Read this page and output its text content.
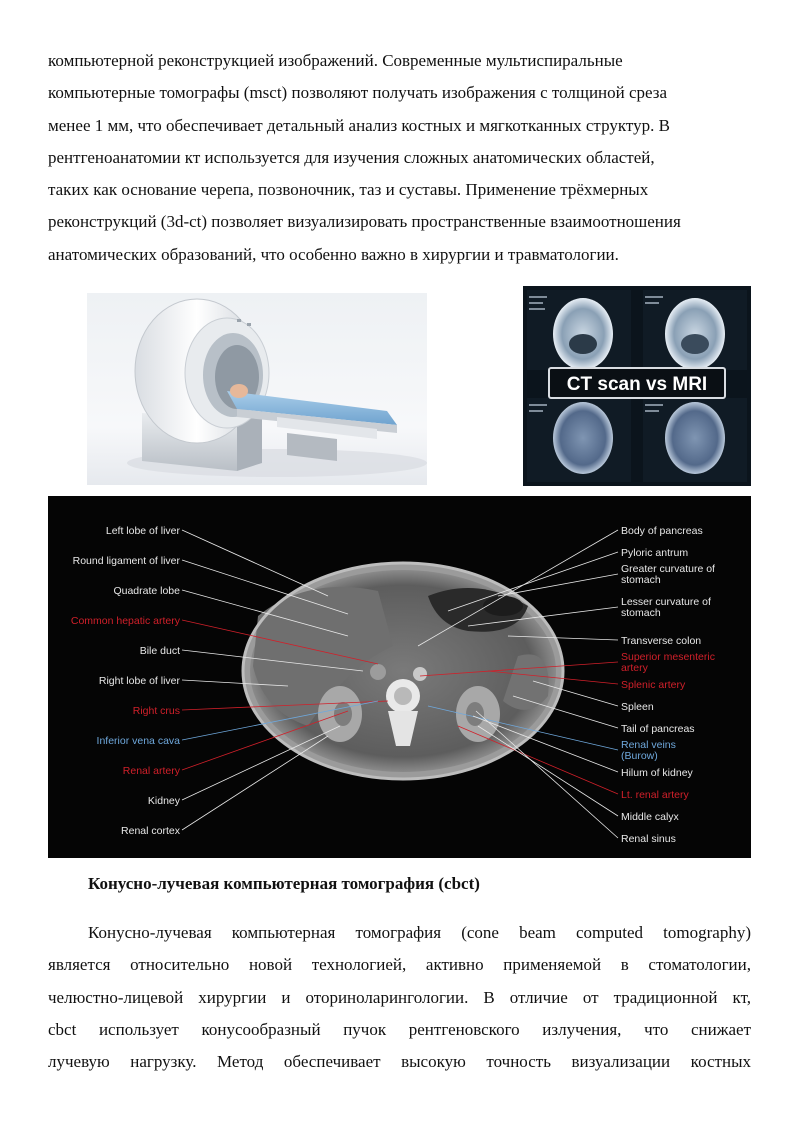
компьютерной реконструкцией изображений. Современные мультиспиральные
компьютерные томографы (msct) позволяют получать изображения с толщиной среза
менее 1 мм, что обеспечивает детальный анализ костных и мягкотканных структур. В
рентгеноанатомии кт используется для изучения сложных анатомических областей,
таких как основание черепа, позвоночник, таз и суставы. Применение трёхмерных
реконструкций (3d-ct) позволяет визуализировать пространственные взаимоотношения
анатомических образований, что особенно важно в хирургии и травматологии.
CT scan vs MRI
Left lobe of liver
Round ligament of liver
Quadrate lobe
Common hepatic artery
Bile duct
Right lobe of liver
Right crus
Inferior vena cava
Renal artery
Kidney
Renal cortex
Body of pancreas
Pyloric antrum
Greater curvature of stomach
Lesser curvature of stomach
Transverse colon
Superior mesenteric artery
Splenic artery
Spleen
Tail of pancreas
Renal veins (Burow)
Hilum of kidney
Lt. renal artery
Middle calyx
Renal sinus
Конусно-лучевая компьютерная томография (cbct)
Конусно-лучевая компьютерная томография (cone beam computed tomography)
является относительно новой технологией, активно применяемой в стоматологии,
челюстно-лицевой хирургии и оториноларингологии. В отличие от традиционной кт,
cbct использует конусообразный пучок рентгеновского излучения, что снижает
лучевую нагрузку. Метод обеспечивает высокую точность визуализации костных
